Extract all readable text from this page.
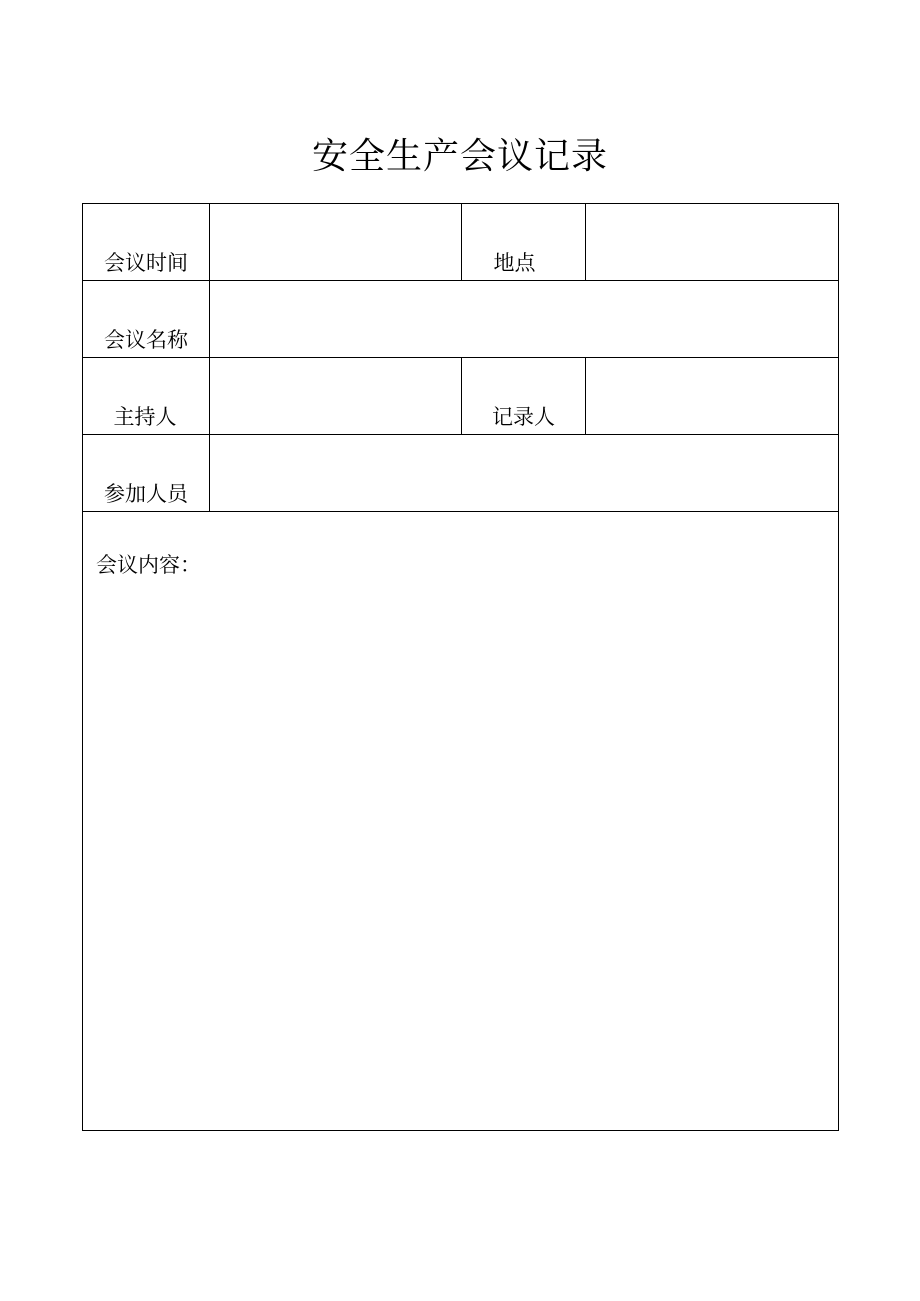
安全生产会议记录
会议时间		地点	
会议名称			
主持人		记录人	
参加人员			

会议内容：			
